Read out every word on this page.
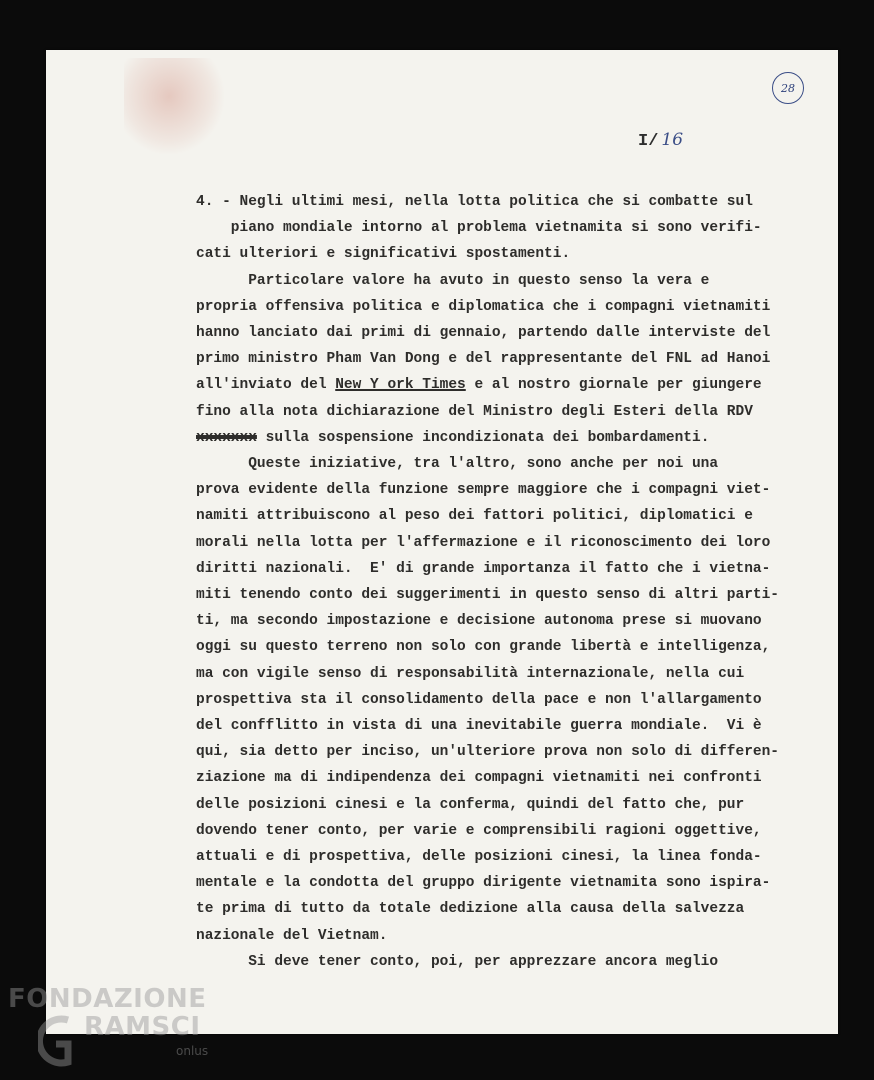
28
I/ 16
4. - Negli ultimi mesi, nella lotta politica che si combatte sul
piano mondiale intorno al problema vietnamita si sono verifi-
cati ulteriori e significativi spostamenti.
Particolare valore ha avuto in questo senso la vera e
propria offensiva politica e diplomatica che i compagni vietnamiti
hanno lanciato dai primi di gennaio, partendo dalle interviste del
primo ministro Pham Van Dong e del rappresentante del FNL ad Hanoi
all'inviato del New Y ork Times e al nostro giornale per giungere
fino alla nota dichiarazione del Ministro degli Esteri della RDV
xxxxxxx sulla sospensione incondizionata dei bombardamenti.
Queste iniziative, tra l'altro, sono anche per noi una
prova evidente della funzione sempre maggiore che i compagni viet-
namiti attribuiscono al peso dei fattori politici, diplomatici e
morali nella lotta per l'affermazione e il riconoscimento dei loro
diritti nazionali.  E' di grande importanza il fatto che i vietna-
miti tenendo conto dei suggerimenti in questo senso di altri parti-
ti, ma secondo impostazione e decisione autonoma prese si muovano
oggi su questo terreno non solo con grande libertà e intelligenza,
ma con vigile senso di responsabilità internazionale, nella cui
prospettiva sta il consolidamento della pace e non l'allargamento
del confflitto in vista di una inevitabile guerra mondiale.  Vi è
qui, sia detto per inciso, un'ulteriore prova non solo di differen-
ziazione ma di indipendenza dei compagni vietnamiti nei confronti
delle posizioni cinesi e la conferma, quindi del fatto che, pur
dovendo tener conto, per varie e comprensibili ragioni oggettive,
attuali e di prospettiva, delle posizioni cinesi, la linea fonda-
mentale e la condotta del gruppo dirigente vietnamita sono ispira-
te prima di tutto da totale dedizione alla causa della salvezza
nazionale del Vietnam.
Si deve tener conto, poi, per apprezzare ancora meglio
FONDAZIONE
RAMSCI
onlus
